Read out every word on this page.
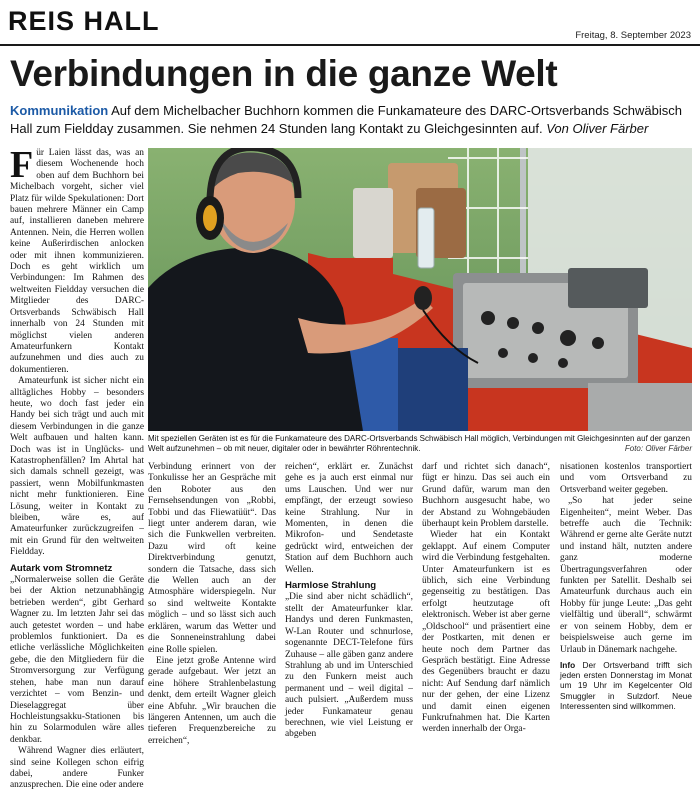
REIS HALL	Freitag, 8. September 2023
Verbindungen in die ganze Welt
Kommunikation Auf dem Michelbacher Buchhorn kommen die Funkamateure des DARC-Ortsverbands Schwäbisch Hall zum Fieldday zusammen. Sie nehmen 24 Stunden lang Kontakt zu Gleichgesinnten auf. Von Oliver Färber

Für Laien lässt das, was an diesem Wochenende hoch oben auf dem Buchhorn bei Michelbach vorgeht, sicher viel Platz für wilde Spekulationen: Dort bauen mehrere Männer ein Camp auf, installieren daneben mehrere Antennen. Nein, die Herren wollen keine Außerirdischen anlocken oder mit ihnen kommunizieren. Doch es geht wirklich um Verbindungen: Im Rahmen des weltweiten Fieldday versuchen die Mitglieder des DARC-Ortsverbands Schwäbisch Hall innerhalb von 24 Stunden mit möglichst vielen anderen Amateurfunkern Kontakt aufzunehmen und dies auch zu dokumentieren.

Amateurfunk ist sicher nicht ein alltägliches Hobby – besonders heute, wo doch fast jeder ein Handy bei sich trägt und auch mit diesem Verbindungen in die ganze Welt aufbauen und halten kann. Doch was ist in Unglücks- und Katastrophenfällen? Im Ahrtal hat sich damals schnell gezeigt, was passiert, wenn Mobilfunkmasten nicht mehr funktionieren. Eine Lösung, weiter in Kontakt zu bleiben, wäre es, auf Amateurfunker zurückzugreifen – mit ein Grund für den weltweiten Fieldday.

Autark vom Stromnetz

„Normalerweise sollen die Geräte bei der Aktion netzunabhängig betrieben werden“, gibt Gerhard Wagner zu. Im letzten Jahr sei das auch getestet worden – und habe problemlos funktioniert. Da es etliche verlässliche Möglichkeiten gebe, die den Mitgliedern für die Stromversorgung zur Verfügung stehen, habe man nun darauf verzichtet – vom Benzin- und Dieselaggregat über Hochleistungsakku-Stationen bis hin zu Solarmodulen wäre alles denkbar.

Während Wagner dies erläutert, sind seine Kollegen schon eifrig dabei, andere Funker anzusprechen. Die eine oder andere

Mit speziellen Geräten ist es für die Funkamateure des DARC-Ortsverbands Schwäbisch Hall möglich, Verbindungen mit Gleichgesinnten auf der ganzen Welt aufzunehmen – ob mit neuer, digitaler oder in bewährter Röhrentechnik.	Foto: Oliver Färber

Verbindung erinnert von der Tonkulisse her an Gespräche mit den Roboter aus den Fernsehsendungen von „Robbi, Tobbi und das Fliewatüüt“. Das liegt unter anderem daran, wie sich die Funkwellen verbreiten. Dazu wird oft keine Direktverbindung genutzt, sondern die Tatsache, dass sich die Wellen auch an der Atmosphäre widerspiegeln. Nur so sind weltweite Kontakte möglich – und so lässt sich auch erklären, warum das Wetter und die Sonneneinstrahlung dabei eine Rolle spielen.

Eine jetzt große Antenne wird gerade aufgebaut. Wer jetzt an eine höhere Strahlenbelastung denkt, dem erteilt Wagner gleich eine Abfuhr. „Wir brauchen die längeren Antennen, um auch die tieferen Frequenzbereiche zu erreichen“,

reichen“, erklärt er. Zunächst gehe es ja auch erst einmal nur ums Lauschen. Und wer nur empfängt, der erzeugt sowieso keine Strahlung. Nur in Momenten, in denen die Mikrofon- und Sendetaste gedrückt wird, entweichen der Station auf dem Buchhorn auch Wellen.

Harmlose Strahlung

„Die sind aber nicht schädlich“, stellt der Amateurfunker klar. Handys und deren Funkmasten, W-Lan Router und schnurlose, sogenannte DECT-Telefone fürs Zuhause – alle gäben ganz andere Strahlung ab und im Unterschied zu den Funkern meist auch permanent und – weil digital – auch pulsiert. „Außerdem muss jeder Funkamateur genau berechnen, wie viel Leistung er abgeben

darf und richtet sich danach“, fügt er hinzu. Das sei auch ein Grund dafür, warum man den Buchhorn ausgesucht habe, wo der Abstand zu Wohngebäuden überhaupt kein Problem darstelle.

Wieder hat ein Kontakt geklappt. Auf einem Computer wird die Verbindung festgehalten. Unter Amateurfunkern ist es üblich, sich eine Verbindung gegenseitig zu bestätigen. Das erfolgt heutzutage oft elektronisch. Weber ist aber gerne „Oldschool“ und präsentiert eine der Postkarten, mit denen er heute noch dem Partner das Gespräch bestätigt. Eine Adresse des Gegenübers braucht er dazu nicht: Auf Sendung darf nämlich nur der gehen, der eine Lizenz und damit einen eigenen Funkrufnahmen hat. Die Karten werden innerhalb der Orga-

nisationen kostenlos transportiert und vom Ortsverband zu Ortsverband weiter gegeben.

„So hat jeder seine Eigenheiten“, meint Weber. Das betreffe auch die Technik: Während er gerne alte Geräte nutzt und instand hält, nutzten andere ganz moderne Übertragungsverfahren oder funkten per Satellit. Deshalb sei Amateurfunk durchaus auch ein Hobby für junge Leute: „Das geht vielfältig und überall“, schwärmt er von seinem Hobby, dem er beispielsweise auch gerne im Urlaub in Dänemark nachgehe.

Info Der Ortsverband trifft sich jeden ersten Donnerstag im Monat um 19 Uhr im Kegelcenter Old Smuggler in Sulzdorf. Neue Interessenten sind willkommen.
